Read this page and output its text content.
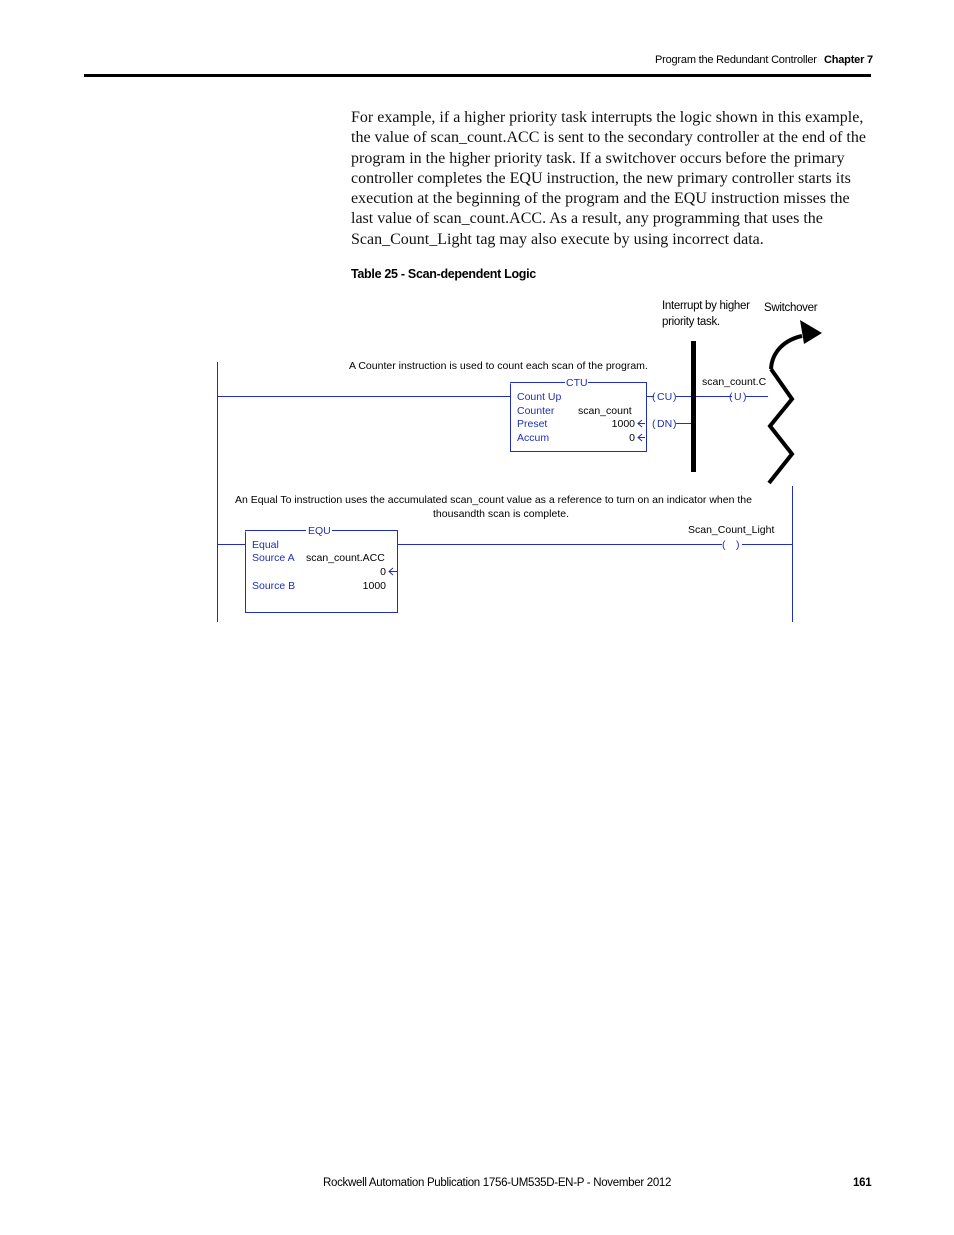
Program the Redundant Controller Chapter 7

For example, if a higher priority task interrupts the logic shown in this example, the value of scan_count.ACC is sent to the secondary controller at the end of the program in the higher priority task. If a switchover occurs before the primary controller completes the EQU instruction, the new primary controller starts its execution at the beginning of the program and the EQU instruction misses the last value of scan_count.ACC. As a result, any programming that uses the Scan_Count_Light tag may also execute by using incorrect data.

Table 25 - Scan-dependent Logic
Interrupt by higher priority task.
Switchover
CTU
Count Up
Counter scan_count
Preset	1000
Accum	0
( CU )
( DN )
scan_count.C
( U )
A Counter instruction is used to count each scan of the program.
An Equal To instruction uses the accumulated scan_count value as a reference to turn on an indicator when the
thousandth scan is complete.
EQU
Equal
Source A scan_count.ACC
0
Source B	1000
Scan_Count_Light
( )
Rockwell Automation Publication 1756-UM535D-EN-P - November 2012	161
